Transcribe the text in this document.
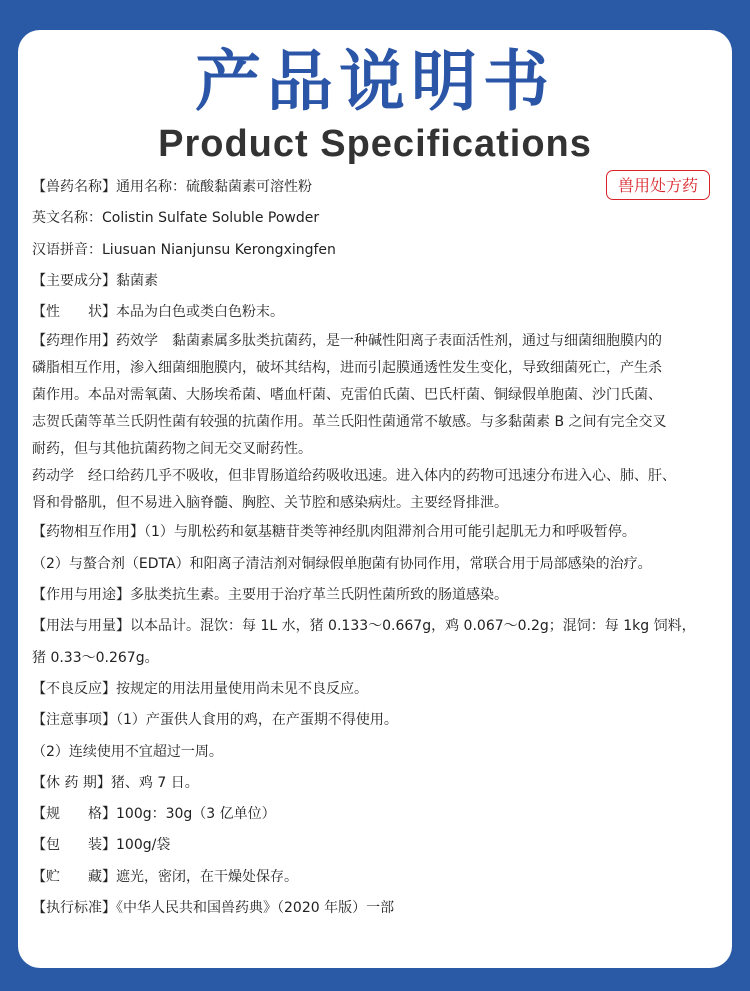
产品说明书
Product Specifications
兽用处方药
【兽药名称】通用名称：硫酸黏菌素可溶性粉
英文名称：Colistin Sulfate Soluble Powder
汉语拼音：Liusuan Nianjunsu Kerongxingfen
【主要成分】黏菌素
【性　　状】本品为白色或类白色粉末。
【药理作用】药效学　黏菌素属多肽类抗菌药，是一种碱性阳离子表面活性剂，通过与细菌细胞膜内的
磷脂相互作用，渗入细菌细胞膜内，破坏其结构，进而引起膜通透性发生变化，导致细菌死亡，产生杀
菌作用。本品对需氧菌、大肠埃希菌、嗜血杆菌、克雷伯氏菌、巴氏杆菌、铜绿假单胞菌、沙门氏菌、
志贺氏菌等革兰氏阴性菌有较强的抗菌作用。革兰氏阳性菌通常不敏感。与多黏菌素 B 之间有完全交叉
耐药，但与其他抗菌药物之间无交叉耐药性。
药动学　经口给药几乎不吸收，但非胃肠道给药吸收迅速。进入体内的药物可迅速分布进入心、肺、肝、
肾和骨骼肌，但不易进入脑脊髓、胸腔、关节腔和感染病灶。主要经肾排泄。
【药物相互作用】（1）与肌松药和氨基糖苷类等神经肌肉阻滞剂合用可能引起肌无力和呼吸暂停。
（2）与螯合剂（EDTA）和阳离子清洁剂对铜绿假单胞菌有协同作用，常联合用于局部感染的治疗。
【作用与用途】多肽类抗生素。主要用于治疗革兰氏阴性菌所致的肠道感染。
【用法与用量】以本品计。混饮：每 1L 水，猪 0.133～0.667g，鸡 0.067～0.2g；混饲：每 1kg 饲料，
猪 0.33～0.267g。
【不良反应】按规定的用法用量使用尚未见不良反应。
【注意事项】（1）产蛋供人食用的鸡，在产蛋期不得使用。
（2）连续使用不宜超过一周。
【休 药 期】猪、鸡 7 日。
【规　　格】100g：30g（3 亿单位）
【包　　装】100g/袋
【贮　　藏】遮光，密闭，在干燥处保存。
【执行标准】《中华人民共和国兽药典》（2020 年版）一部
